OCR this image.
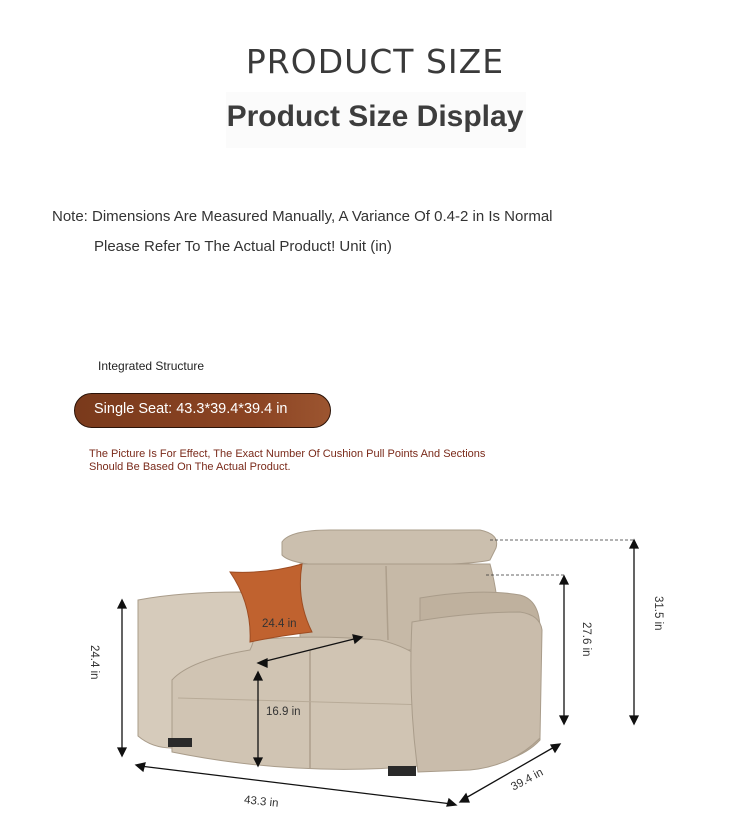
PRODUCT SIZE
Product Size Display
Note: Dimensions Are Measured Manually, A Variance Of 0.4-2 in Is Normal
Please Refer To The Actual Product! Unit (in)
Integrated Structure
Single Seat: 43.3*39.4*39.4 in
The Picture Is For Effect, The Exact Number Of Cushion Pull Points And Sections Should Be Based On The Actual Product.
24.4 in
24.4 in
16.9 in
27.6 in
31.5 in
43.3 in
39.4 in
